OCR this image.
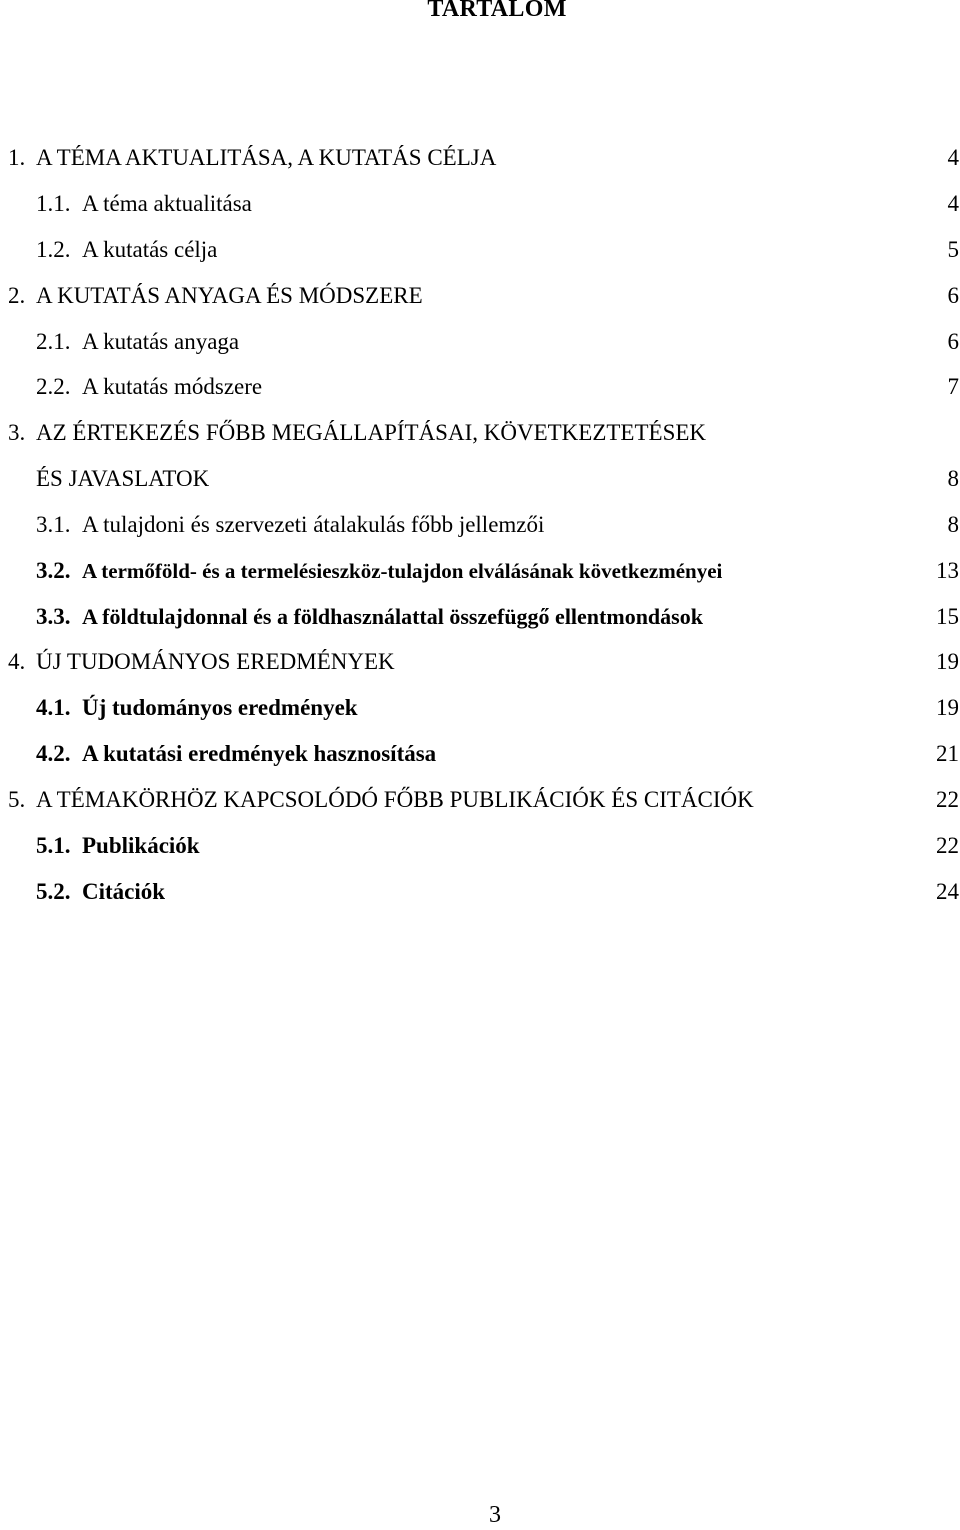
TARTALOM
1. A TÉMA AKTUALITÁSA, A KUTATÁS CÉLJA	4
1.1. A téma aktualitása	4
1.2. A kutatás célja	5
2. A KUTATÁS ANYAGA ÉS MÓDSZERE	6
2.1. A kutatás anyaga	6
2.2. A kutatás módszere	7
3. AZ ÉRTEKEZÉS FŐBB MEGÁLLAPÍTÁSAI, KÖVETKEZTETÉSEK
ÉS JAVASLATOK	8
3.1. A tulajdoni és szervezeti átalakulás főbb jellemzői	8
3.2. A termőföld- és a termelésieszköz-tulajdon elválásának következményei	13
3.3. A földtulajdonnal és a földhasználattal összefüggő ellentmondások	15
4. ÚJ TUDOMÁNYOS EREDMÉNYEK	19
4.1. Új tudományos eredmények	19
4.2. A kutatási eredmények hasznosítása	21
5. A TÉMAKÖRHÖZ KAPCSOLÓDÓ FŐBB PUBLIKÁCIÓK ÉS CITÁCIÓK	22
5.1. Publikációk	22
5.2. Citációk	24
3
